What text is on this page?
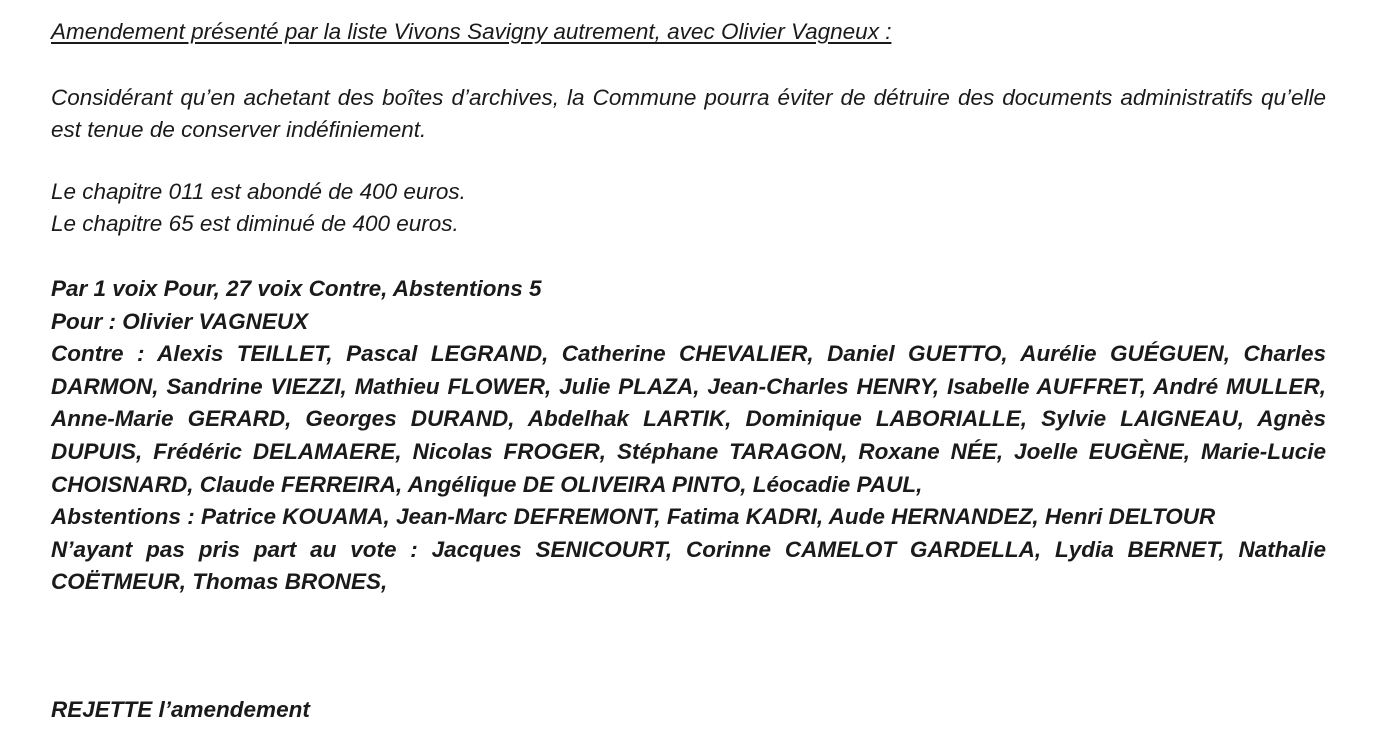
Amendement présenté par la liste Vivons Savigny autrement, avec Olivier Vagneux :

Considérant qu’en achetant des boîtes d’archives, la Commune pourra éviter de détruire des documents administratifs qu’elle est tenue de conserver indéfiniement.

Le chapitre 011 est abondé de 400 euros.
Le chapitre 65 est diminué de 400 euros.
Par 1 voix Pour, 27 voix Contre, Abstentions 5
Pour : Olivier VAGNEUX
Contre : Alexis TEILLET, Pascal LEGRAND, Catherine CHEVALIER, Daniel GUETTO, Aurélie GUÉGUEN, Charles DARMON, Sandrine VIEZZI, Mathieu FLOWER, Julie PLAZA, Jean-Charles HENRY, Isabelle AUFFRET, André MULLER, Anne-Marie GERARD, Georges DURAND, Abdelhak LARTIK, Dominique LABORIALLE, Sylvie LAIGNEAU, Agnès DUPUIS, Frédéric DELAMAERE, Nicolas FROGER, Stéphane TARAGON, Roxane NÉE, Joelle EUGÈNE, Marie-Lucie CHOISNARD, Claude FERREIRA, Angélique DE OLIVEIRA PINTO, Léocadie PAUL,
Abstentions : Patrice KOUAMA, Jean-Marc DEFREMONT, Fatima KADRI, Aude HERNANDEZ, Henri DELTOUR
N’ayant pas pris part au vote : Jacques SENICOURT, Corinne CAMELOT GARDELLA, Lydia BERNET, Nathalie COËTMEUR, Thomas BRONES,

REJETTE l’amendement
